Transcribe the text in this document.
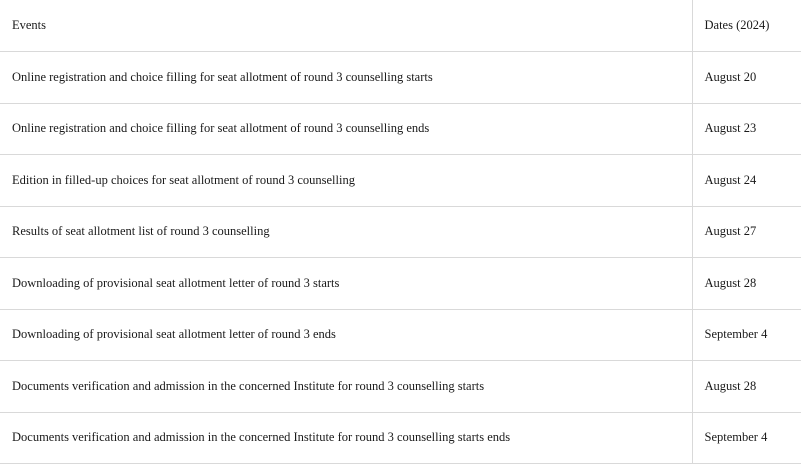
Events	Dates (2024)
Online registration and choice filling for seat allotment of round 3 counselling starts	August 20
Online registration and choice filling for seat allotment of round 3 counselling ends	August 23
Edition in filled-up choices for seat allotment of round 3 counselling	August 24
Results of seat allotment list of round 3 counselling	August 27
Downloading of provisional seat allotment letter of round 3 starts	August 28
Downloading of provisional seat allotment letter of round 3 ends	September 4
Documents verification and admission in the concerned Institute for round 3 counselling starts	August 28
Documents verification and admission in the concerned Institute for round 3 counselling starts ends	September 4
